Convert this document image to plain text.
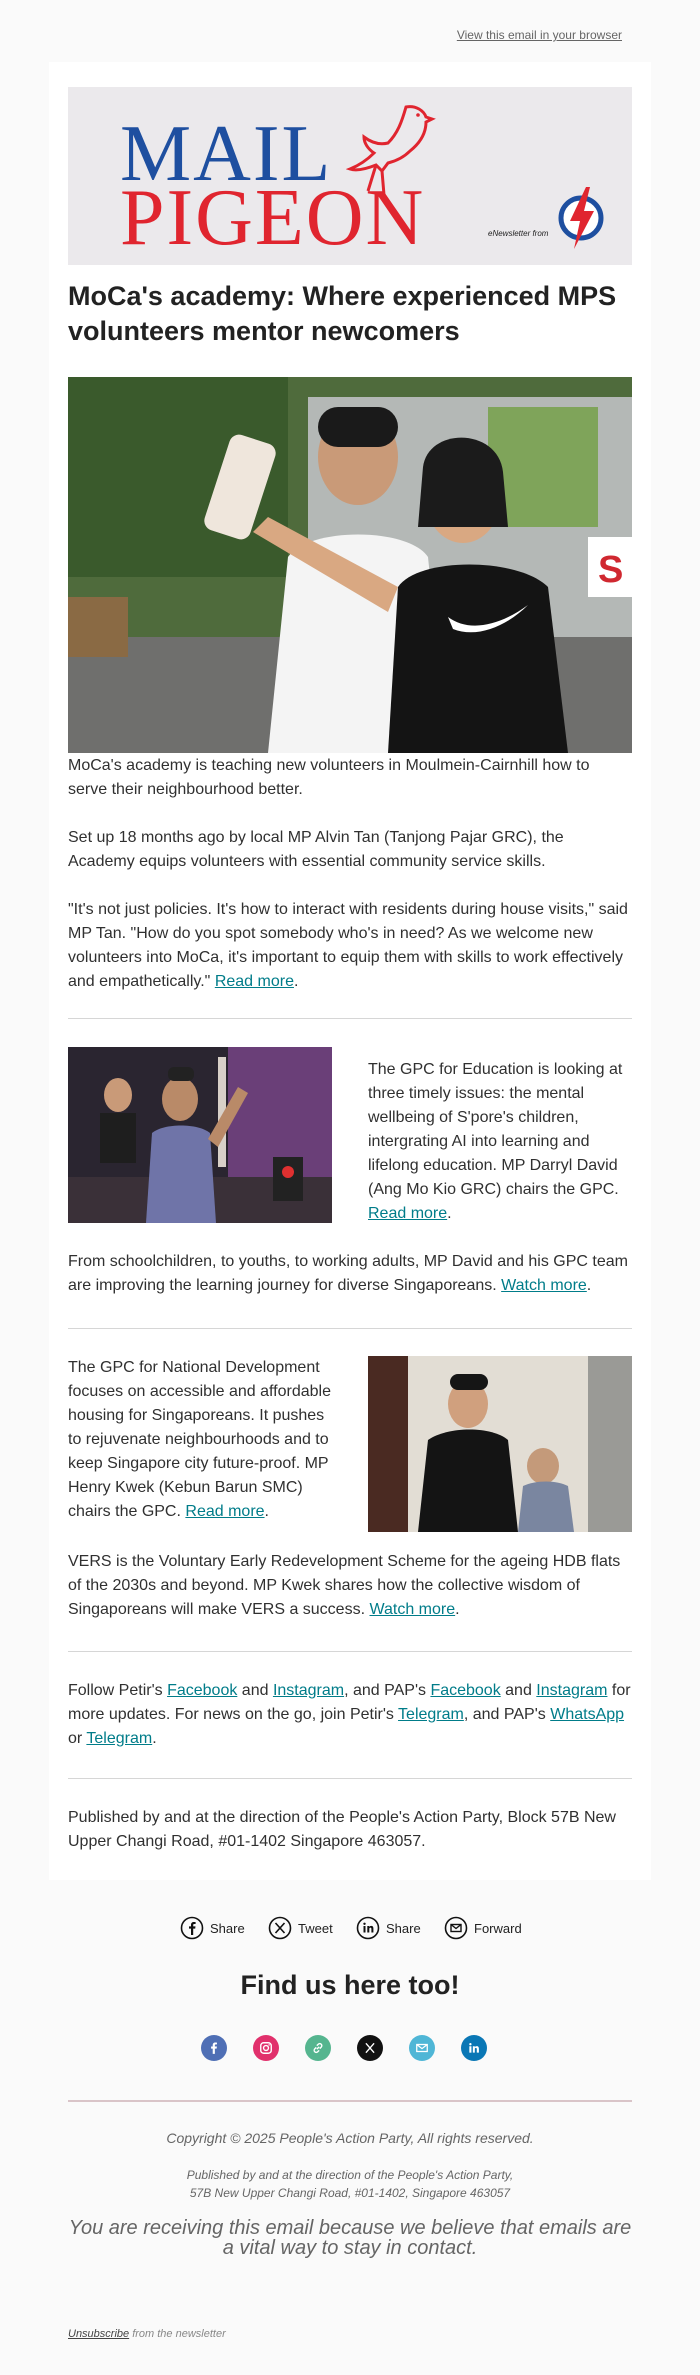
View this email in your browser
MAIL
PIGEON	eNewsletter from
MoCa's academy: Where experienced MPS volunteers mentor newcomers
S

MoCa's academy is teaching new volunteers in Moulmein-Cairnhill how to serve their neighbourhood better.

Set up 18 months ago by local MP Alvin Tan (Tanjong Pajar GRC), the Academy equips volunteers with essential community service skills.

"It's not just policies. It's how to interact with residents during house visits," said MP Tan. "How do you spot somebody who's in need? As we welcome new volunteers into MoCa, it's important to equip them with skills to work effectively and empathetically." Read more.

The GPC for Education is looking at three timely issues: the mental wellbeing of S'pore's children, intergrating AI into learning and lifelong education. MP Darryl David (Ang Mo Kio GRC) chairs the GPC. Read more.

From schoolchildren, to youths, to working adults, MP David and his GPC team are improving the learning journey for diverse Singaporeans. Watch more.

The GPC for National Development focuses on accessible and affordable housing for Singaporeans. It pushes to rejuvenate neighbourhoods and to keep Singapore city future-proof. MP Henry Kwek (Kebun Barun SMC) chairs the GPC. Read more.

VERS is the Voluntary Early Redevelopment Scheme for the ageing HDB flats of the 2030s and beyond. MP Kwek shares how the collective wisdom of Singaporeans will make VERS a success. Watch more.

Follow Petir's Facebook and Instagram, and PAP's Facebook and Instagram for more updates. For news on the go, join Petir's Telegram, and PAP's WhatsApp or Telegram.

Published by and at the direction of the People's Action Party, Block 57B New Upper Changi Road, #01-1402 Singapore 463057.

Share	Tweet	Share	Forward
Find us here too!
Copyright © 2025 People's Action Party, All rights reserved.
Published by and at the direction of the People's Action Party,
57B New Upper Changi Road, #01-1402, Singapore 463057
You are receiving this email because we believe that emails are a vital way to stay in contact.
Unsubscribe from the newsletter
